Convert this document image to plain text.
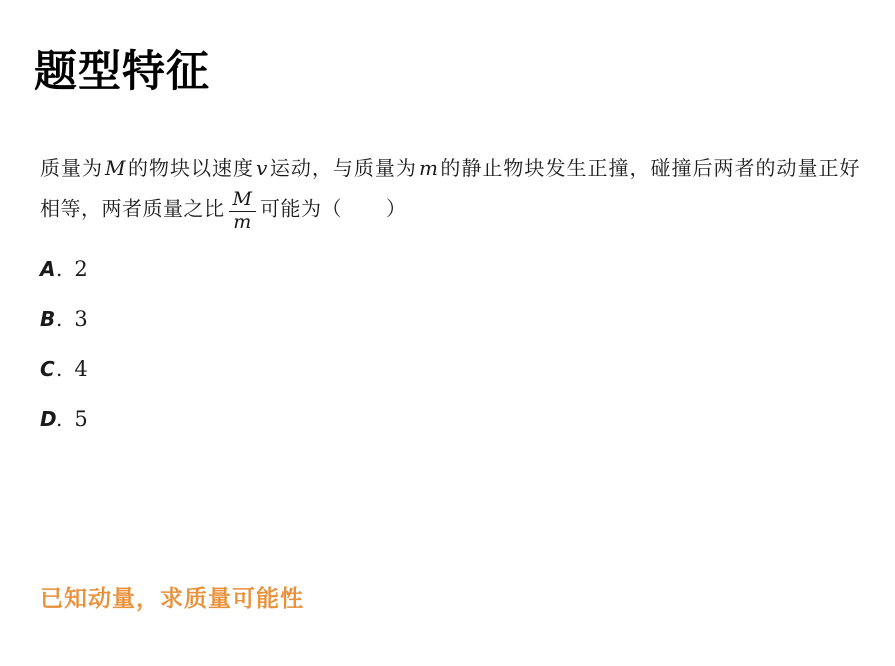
题型特征
质量为 M 的物块以速度 v 运动，与质量为 m 的静止物块发生正撞，碰撞后两者的动量正好相等，两者质量之比 $\frac{M}{m}$ 可能为（ ）
A . 2
B . 3
C . 4
D . 5
已知动量，求质量可能性
